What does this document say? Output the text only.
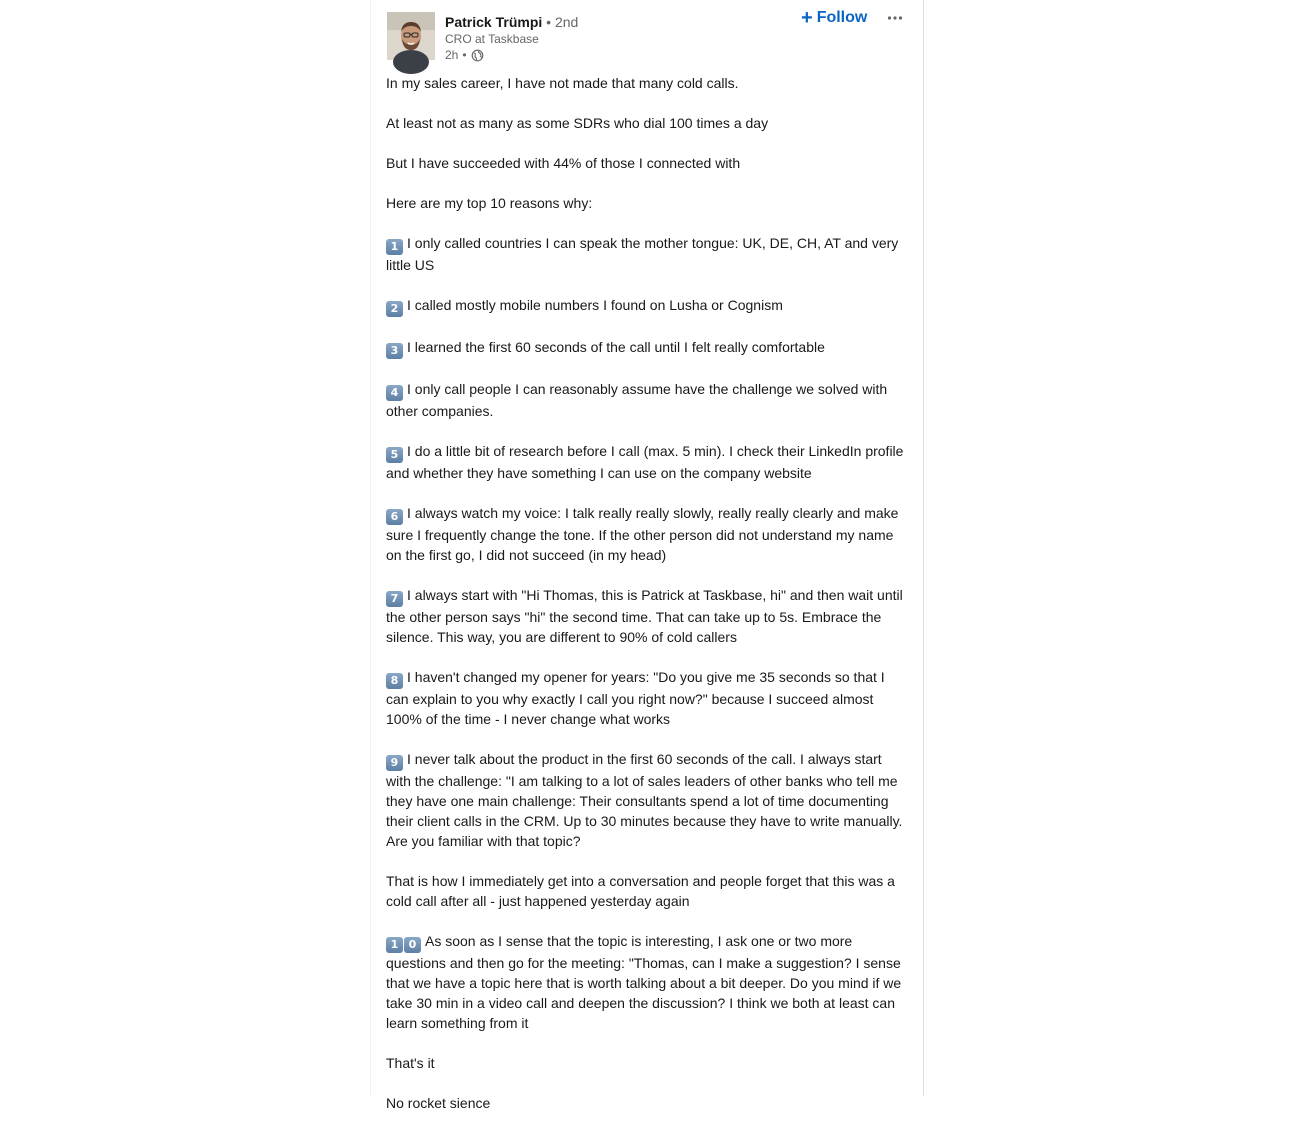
Patrick Trümpi • 2nd
CRO at Taskbase
2h •
+ Follow

In my sales career, I have not made that many cold calls.

At least not as many as some SDRs who dial 100 times a day

But I have succeeded with 44% of those I connected with

Here are my top 10 reasons why:

1 I only called countries I can speak the mother tongue: UK, DE, CH, AT and very little US

2 I called mostly mobile numbers I found on Lusha or Cognism

3 I learned the first 60 seconds of the call until I felt really comfortable

4 I only call people I can reasonably assume have the challenge we solved with other companies.

5 I do a little bit of research before I call (max. 5 min). I check their LinkedIn profile and whether they have something I can use on the company website

6 I always watch my voice: I talk really really slowly, really really clearly and make sure I frequently change the tone. If the other person did not understand my name on the first go, I did not succeed (in my head)

7 I always start with "Hi Thomas, this is Patrick at Taskbase, hi" and then wait until the other person says "hi" the second time. That can take up to 5s. Embrace the silence. This way, you are different to 90% of cold callers

8 I haven't changed my opener for years: "Do you give me 35 seconds so that I can explain to you why exactly I call you right now?" because I succeed almost 100% of the time - I never change what works

9 I never talk about the product in the first 60 seconds of the call. I always start with the challenge: "I am talking to a lot of sales leaders of other banks who tell me they have one main challenge: Their consultants spend a lot of time documenting their client calls in the CRM. Up to 30 minutes because they have to write manually. Are you familiar with that topic?

That is how I immediately get into a conversation and people forget that this was a cold call after all - just happened yesterday again

1 0 As soon as I sense that the topic is interesting, I ask one or two more questions and then go for the meeting: "Thomas, can I make a suggestion? I sense that we have a topic here that is worth talking about a bit deeper. Do you mind if we take 30 min in a video call and deepen the discussion? I think we both at least can learn something from it

That's it

No rocket sience
